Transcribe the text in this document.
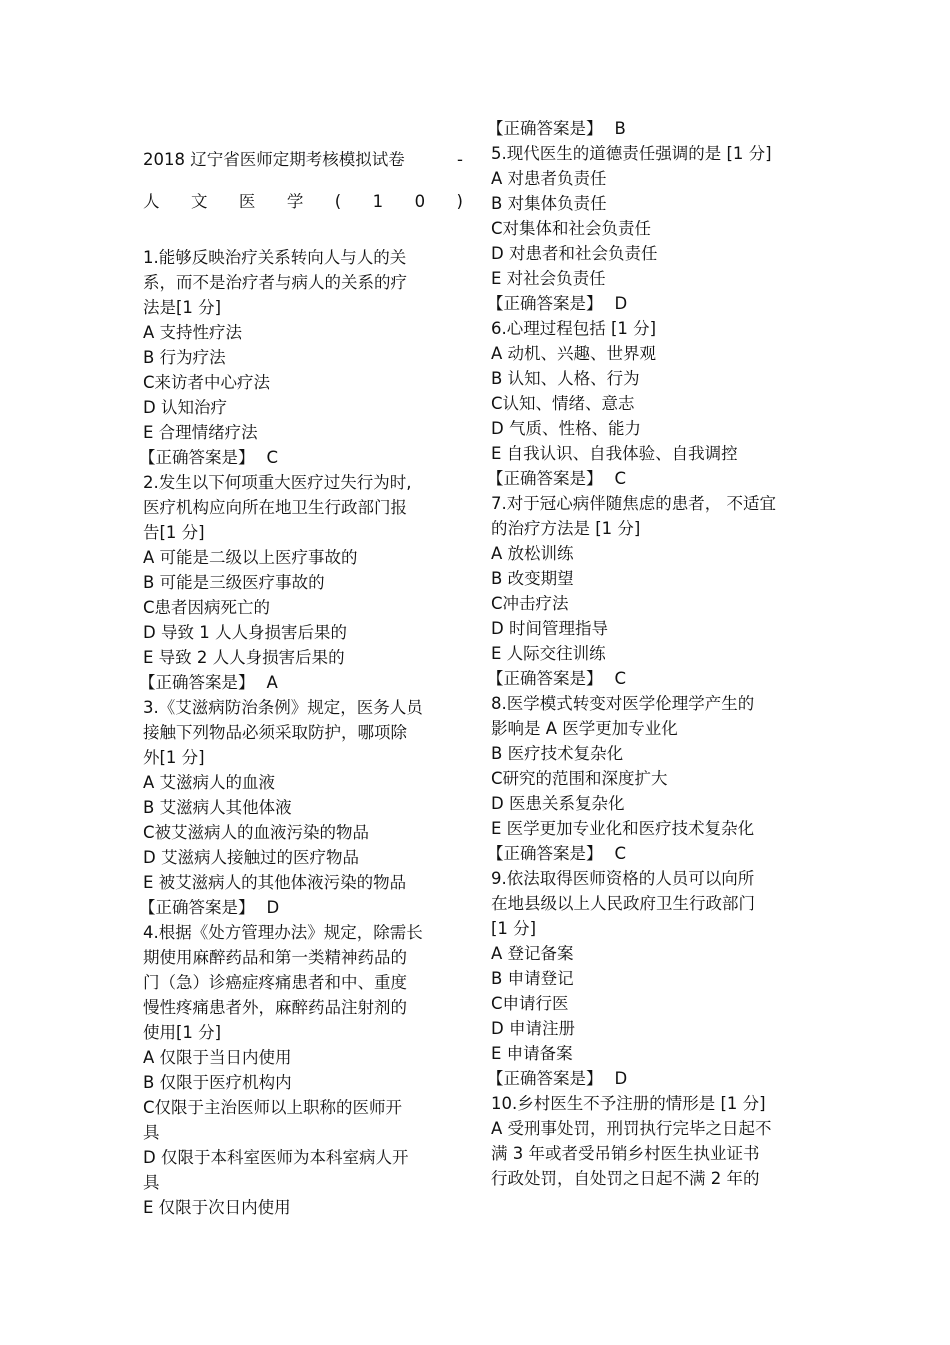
2018 辽宁省医师定期考核模拟试卷	-
人 文 医 学 ( 1 0 )
1.能够反映治疗关系转向人与人的关
系，而不是治疗者与病人的关系的疗
法是[1 分]
A 支持性疗法
B 行为疗法
C来访者中心疗法
D 认知治疗
E 合理情绪疗法
【正确答案是】 C
2.发生以下何项重大医疗过失行为时,
医疗机构应向所在地卫生行政部门报
告[1 分]
A 可能是二级以上医疗事故的
B 可能是三级医疗事故的
C患者因病死亡的
D 导致 1 人人身损害后果的
E 导致 2 人人身损害后果的
【正确答案是】 A
3.《艾滋病防治条例》规定，医务人员
接触下列物品必须采取防护，哪项除
外[1 分]
A 艾滋病人的血液
B 艾滋病人其他体液
C被艾滋病人的血液污染的物品
D 艾滋病人接触过的医疗物品
E 被艾滋病人的其他体液污染的物品
【正确答案是】 D
4.根据《处方管理办法》规定，除需长
期使用麻醉药品和第一类精神药品的
门（急）诊癌症疼痛患者和中、重度
慢性疼痛患者外，麻醉药品注射剂的
使用[1 分]
A 仅限于当日内使用
B 仅限于医疗机构内
C仅限于主治医师以上职称的医师开
具
D 仅限于本科室医师为本科室病人开
具
E 仅限于次日内使用
【正确答案是】 B
5.现代医生的道德责任强调的是 [1 分]
A 对患者负责任
B 对集体负责任
C对集体和社会负责任
D 对患者和社会负责任
E 对社会负责任
【正确答案是】 D
6.心理过程包括 [1 分]
A 动机、兴趣、世界观
B 认知、人格、行为
C认知、情绪、意志
D 气质、性格、能力
E 自我认识、自我体验、自我调控
【正确答案是】 C
7.对于冠心病伴随焦虑的患者， 不适宜
的治疗方法是 [1 分]
A 放松训练
B 改变期望
C冲击疗法
D 时间管理指导
E 人际交往训练
【正确答案是】 C
8.医学模式转变对医学伦理学产生的
影响是 A 医学更加专业化
B 医疗技术复杂化
C研究的范围和深度扩大
D 医患关系复杂化
E 医学更加专业化和医疗技术复杂化
【正确答案是】 C
9.依法取得医师资格的人员可以向所
在地县级以上人民政府卫生行政部门
[1 分]
A 登记备案
B 申请登记
C申请行医
D 申请注册
E 申请备案
【正确答案是】 D
10.乡村医生不予注册的情形是 [1 分]
A 受刑事处罚，刑罚执行完毕之日起不
满 3 年或者受吊销乡村医生执业证书
行政处罚，自处罚之日起不满 2 年的
